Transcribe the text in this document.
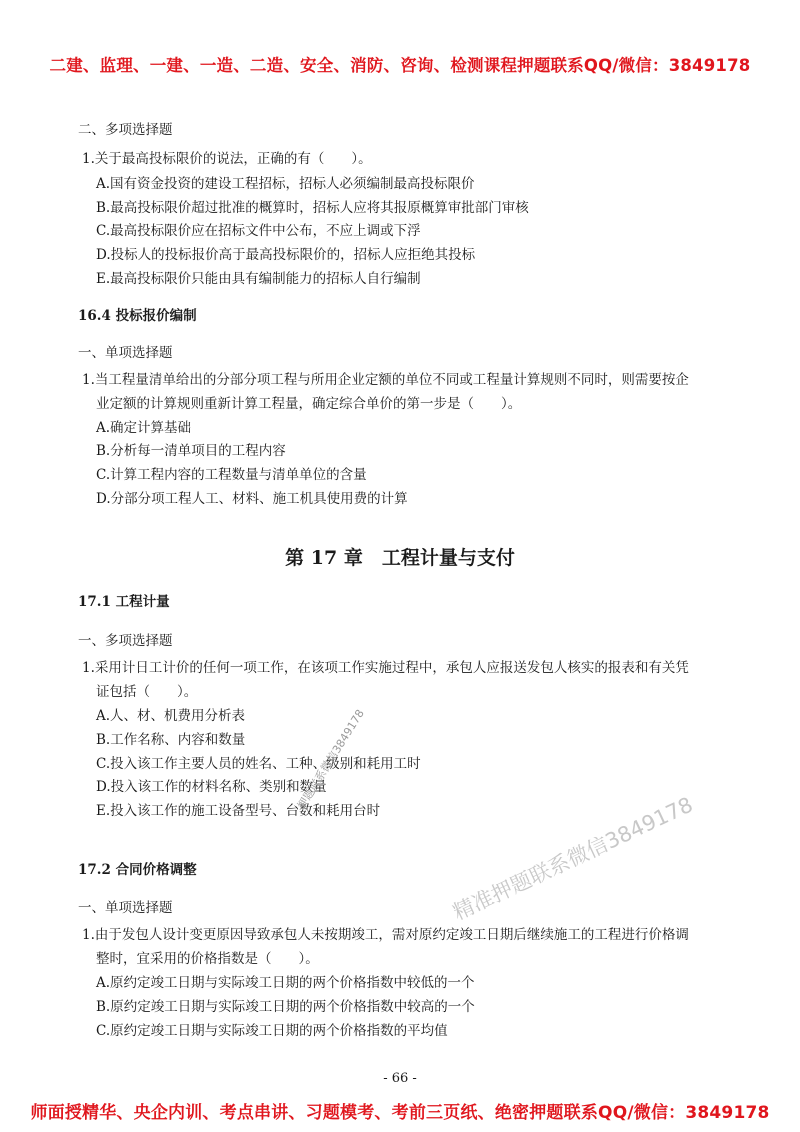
二建、监理、一建、一造、二造、安全、消防、咨询、检测课程押题联系QQ/微信：3849178
二、多项选择题
1.关于最高投标限价的说法，正确的有（　　）。
A.国有资金投资的建设工程招标，招标人必须编制最高投标限价
B.最高投标限价超过批准的概算时，招标人应将其报原概算审批部门审核
C.最高投标限价应在招标文件中公布，不应上调或下浮
D.投标人的投标报价高于最高投标限价的，招标人应拒绝其投标
E.最高投标限价只能由具有编制能力的招标人自行编制
16.4 投标报价编制
一、单项选择题
1.当工程量清单给出的分部分项工程与所用企业定额的单位不同或工程量计算规则不同时，则需要按企
业定额的计算规则重新计算工程量，确定综合单价的第一步是（　　）。
A.确定计算基础
B.分析每一清单项目的工程内容
C.计算工程内容的工程数量与清单单位的含量
D.分部分项工程人工、材料、施工机具使用费的计算
第 17 章　工程计量与支付
17.1 工程计量
一、多项选择题
1.采用计日工计价的任何一项工作，在该项工作实施过程中，承包人应报送发包人核实的报表和有关凭
证包括（　　）。
A.人、材、机费用分析表
B.工作名称、内容和数量
C.投入该工作主要人员的姓名、工种、级别和耗用工时
D.投入该工作的材料名称、类别和数量
E.投入该工作的施工设备型号、台数和耗用台时
17.2 合同价格调整
一、单项选择题
1.由于发包人设计变更原因导致承包人未按期竣工，需对原约定竣工日期后继续施工的工程进行价格调
整时，宜采用的价格指数是（　　）。
A.原约定竣工日期与实际竣工日期的两个价格指数中较低的一个
B.原约定竣工日期与实际竣工日期的两个价格指数中较高的一个
C.原约定竣工日期与实际竣工日期的两个价格指数的平均值
押题联系微信3849178
精准押题联系微信3849178
- 66 -
师面授精华、央企内训、考点串讲、习题模考、考前三页纸、绝密押题联系QQ/微信：3849178
